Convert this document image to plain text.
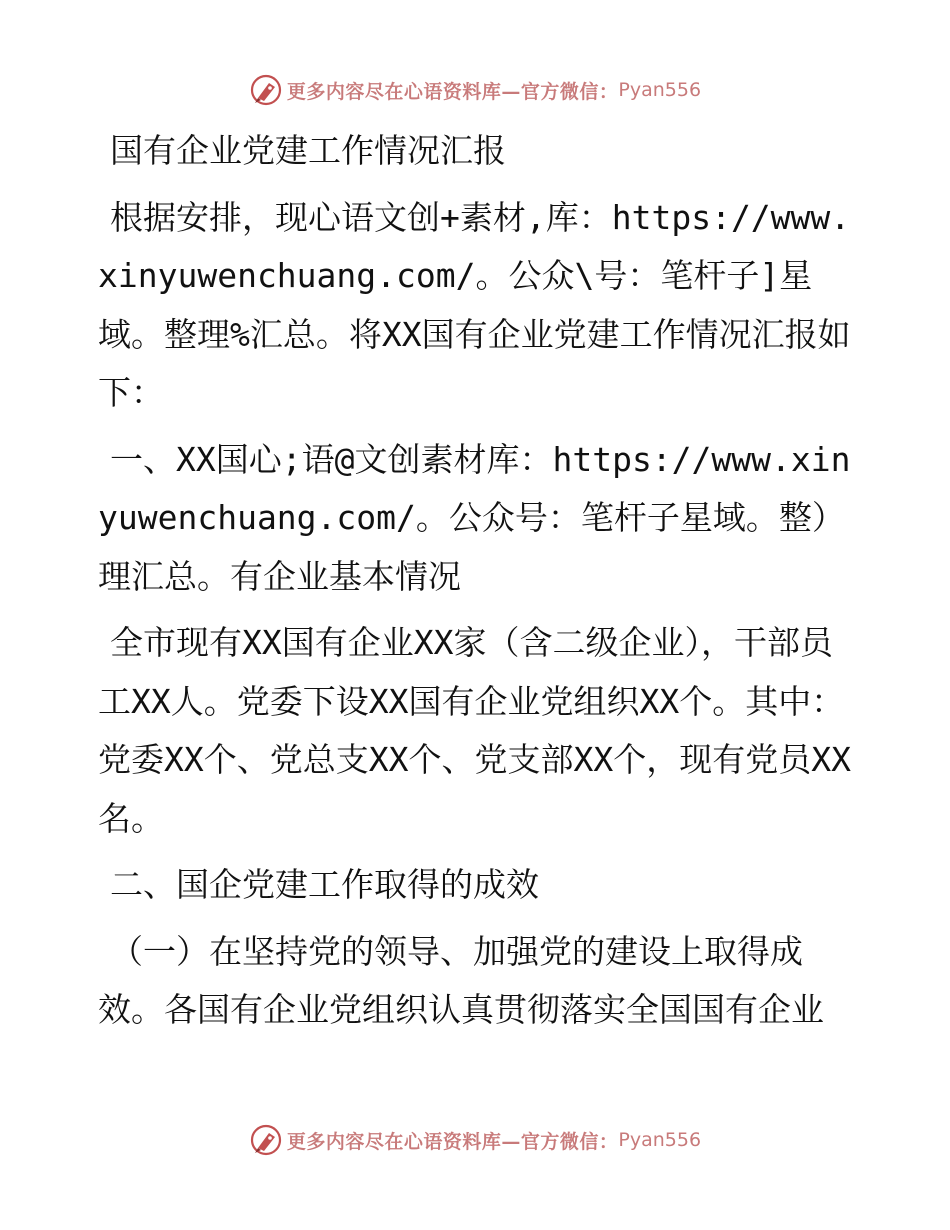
更多内容尽在心语资料库—官方微信： Pyan556

国有企业党建工作情况汇报

根据安排，现心语文创+素材,库：https://www.xinyuwenchuang.com/。公众\号：笔杆子]星域。整理%汇总。将XX国有企业党建工作情况汇报如下：

一、XX国心;语@文创素材库：https://www.xinyuwenchuang.com/。公众号：笔杆子星域。整）理汇总。有企业基本情况

全市现有XX国有企业XX家（含二级企业），干部员工XX人。党委下设XX国有企业党组织XX个。其中：党委XX个、党总支XX个、党支部XX个，现有党员XX名。

二、国企党建工作取得的成效

（一）在坚持党的领导、加强党的建设上取得成效。各国有企业党组织认真贯彻落实全国国有企业

更多内容尽在心语资料库—官方微信： Pyan556
